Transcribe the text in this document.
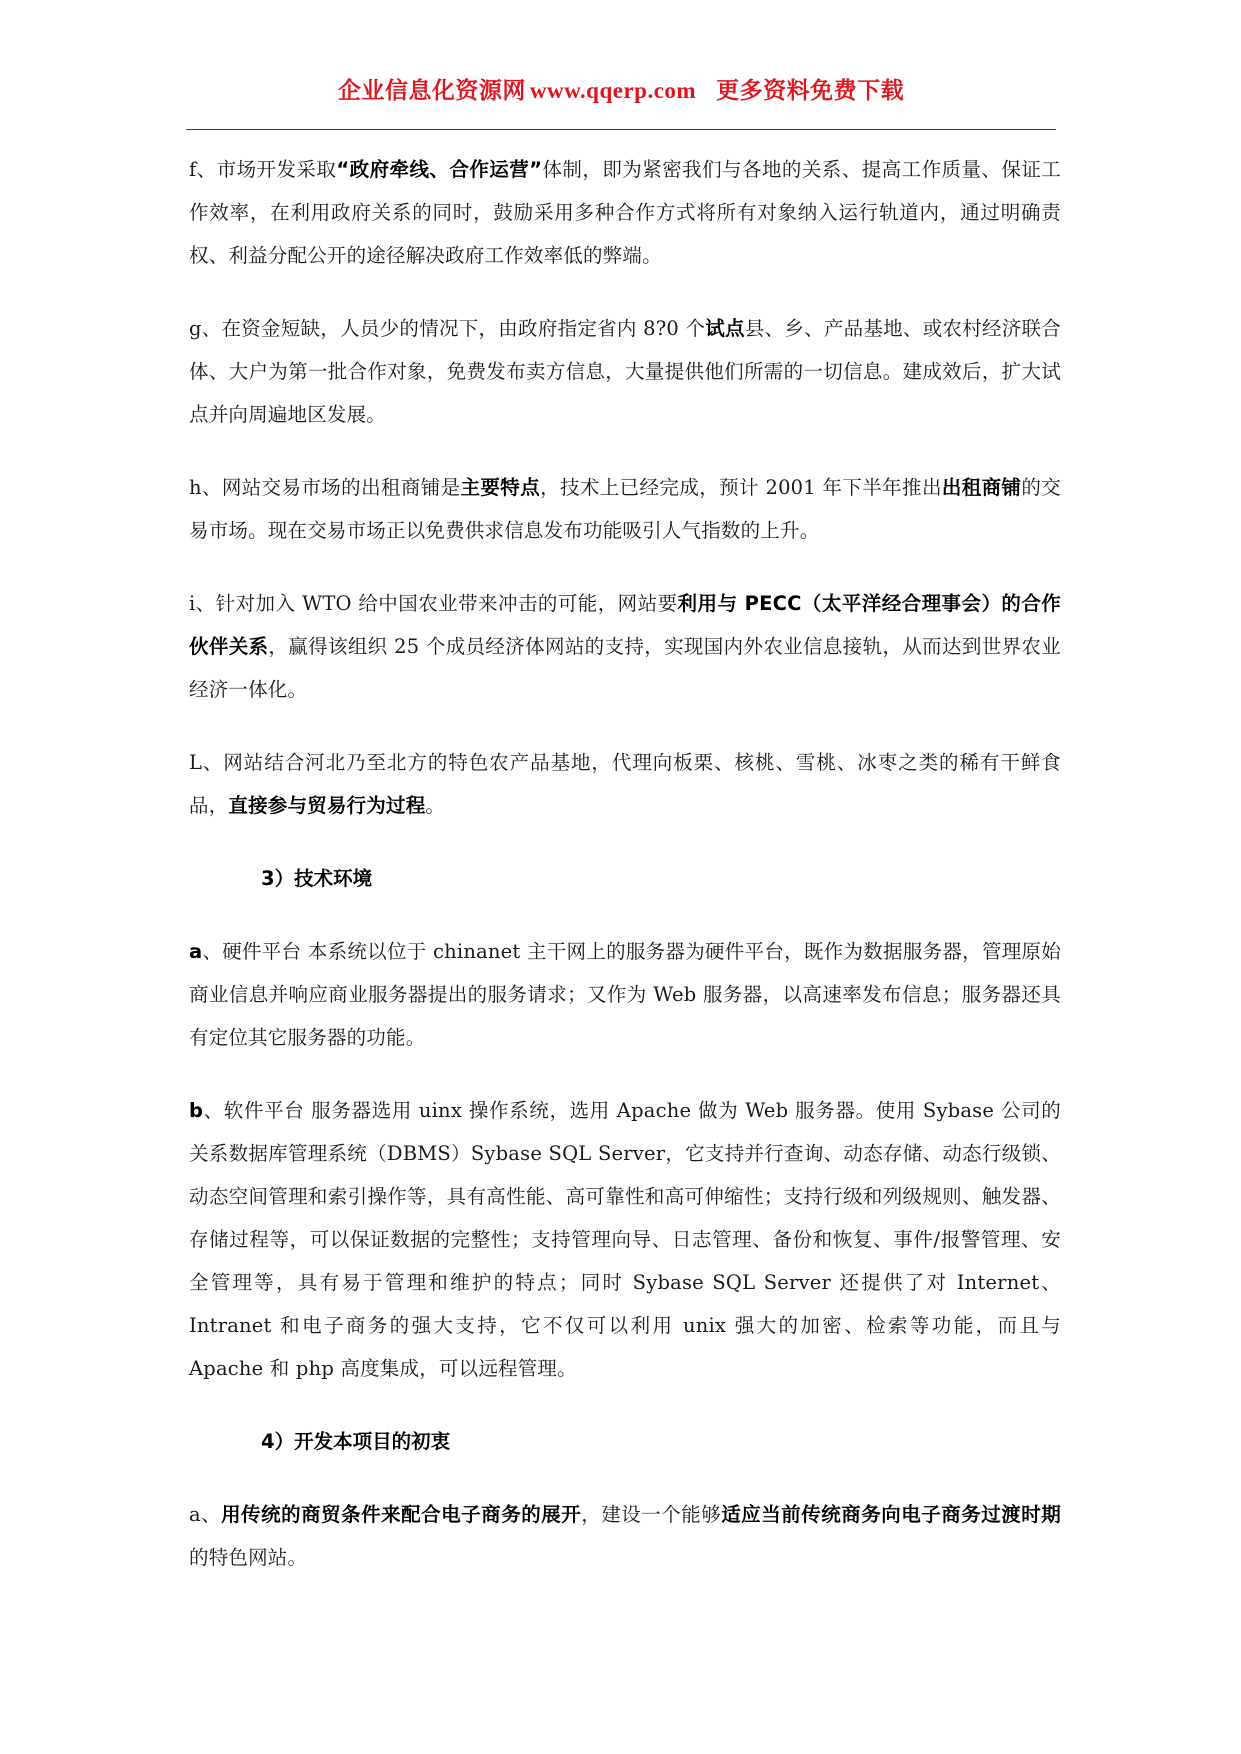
企业信息化资源网 www.qqerp.com 更多资料免费下载

f、市场开发采取“政府牵线、合作运营”体制，即为紧密我们与各地的关系、提高工作质量、保证工作效率，在利用政府关系的同时，鼓励采用多种合作方式将所有对象纳入运行轨道内，通过明确责权、利益分配公开的途径解决政府工作效率低的弊端。

g、在资金短缺，人员少的情况下，由政府指定省内 8?0 个试点县、乡、产品基地、或农村经济联合体、大户为第一批合作对象，免费发布卖方信息，大量提供他们所需的一切信息。建成效后，扩大试点并向周遍地区发展。

h、网站交易市场的出租商铺是主要特点，技术上已经完成，预计 2001 年下半年推出出租商铺的交易市场。现在交易市场正以免费供求信息发布功能吸引人气指数的上升。

i、针对加入 WTO 给中国农业带来冲击的可能，网站要利用与 PECC（太平洋经合理事会）的合作伙伴关系，赢得该组织 25 个成员经济体网站的支持，实现国内外农业信息接轨，从而达到世界农业经济一体化。

L、网站结合河北乃至北方的特色农产品基地，代理向板栗、核桃、雪桃、冰枣之类的稀有干鲜食品，直接参与贸易行为过程。

3）技术环境

a、硬件平台 本系统以位于 chinanet 主干网上的服务器为硬件平台，既作为数据服务器，管理原始商业信息并响应商业服务器提出的服务请求；又作为 Web 服务器，以高速率发布信息；服务器还具有定位其它服务器的功能。

b、软件平台 服务器选用 uinx 操作系统，选用 Apache 做为 Web 服务器。使用 Sybase 公司的关系数据库管理系统（DBMS）Sybase SQL Server，它支持并行查询、动态存储、动态行级锁、动态空间管理和索引操作等，具有高性能、高可靠性和高可伸缩性；支持行级和列级规则、触发器、存储过程等，可以保证数据的完整性；支持管理向导、日志管理、备份和恢复、事件/报警管理、安全管理等，具有易于管理和维护的特点；同时 Sybase SQL Server 还提供了对 Internet、Intranet 和电子商务的强大支持，它不仅可以利用 unix 强大的加密、检索等功能，而且与 Apache 和 php 高度集成，可以远程管理。

4）开发本项目的初衷

a、用传统的商贸条件来配合电子商务的展开，建设一个能够适应当前传统商务向电子商务过渡时期的特色网站。
